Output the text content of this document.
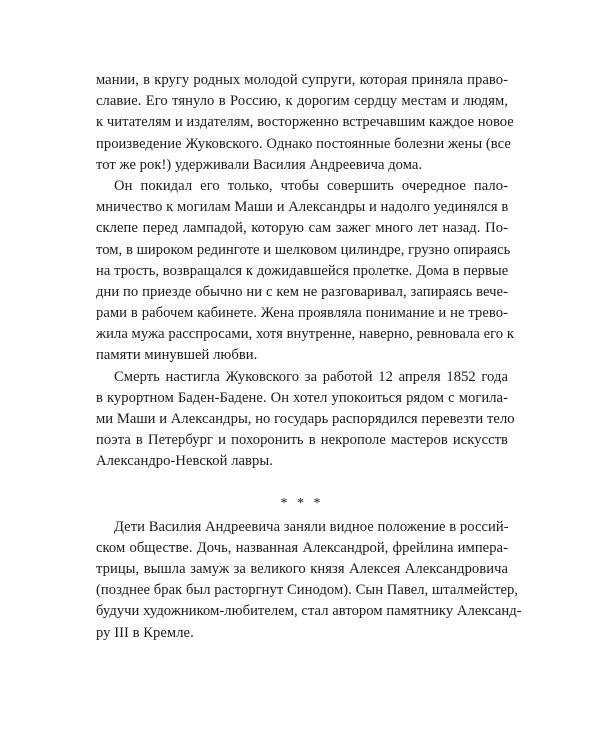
мании, в кругу родных молодой супруги, которая приняла право-
славие. Его тянуло в Россию, к дорогим сердцу местам и людям,
к читателям и издателям, восторженно встречавшим каждое новое
произведение Жуковского. Однако постоянные болезни жены (все
тот же рок!) удерживали Василия Андреевича дома.
Он покидал его только, чтобы совершить очередное пало-
мничество к могилам Маши и Александры и надолго уединялся в
склепе перед лампадой, которую сам зажег много лет назад. По-
том, в широком рединготе и шелковом цилиндре, грузно опираясь
на трость, возвращался к дожидавшейся пролетке. Дома в первые
дни по приезде обычно ни с кем не разговаривал, запираясь вече-
рами в рабочем кабинете. Жена проявляла понимание и не трево-
жила мужа расспросами, хотя внутренне, наверно, ревновала его к
памяти минувшей любви.
Смерть настигла Жуковского за работой 12 апреля 1852 года
в курортном Баден-Бадене. Он хотел упокоиться рядом с могила-
ми Маши и Александры, но государь распорядился перевезти тело
поэта в Петербург и похоронить в некрополе мастеров искусств
Александро-Невской лавры.
* * *
Дети Василия Андреевича заняли видное положение в россий-
ском обществе. Дочь, названная Александрой, фрейлина импера-
трицы, вышла замуж за великого князя Алексея Александровича
(позднее брак был расторгнут Синодом). Сын Павел, шталмейстер,
будучи художником-любителем, стал автором памятнику Александ-
ру III в Кремле.
